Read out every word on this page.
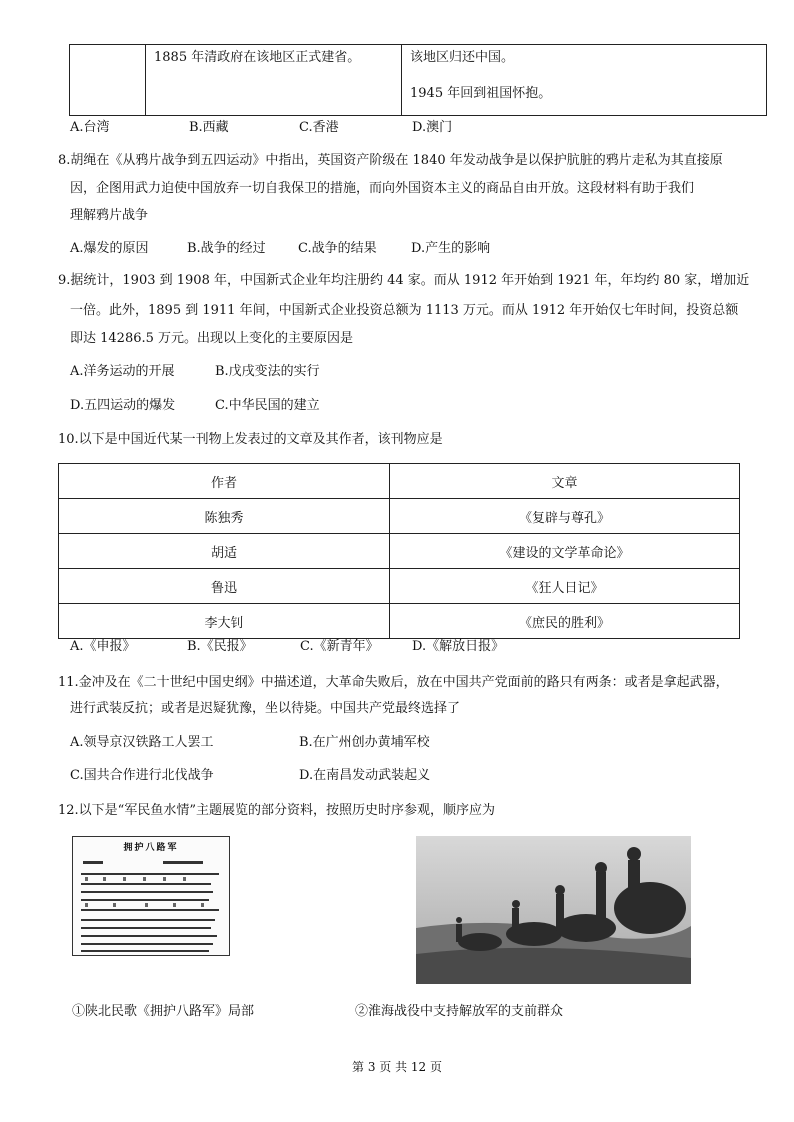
	1885 年清政府在该地区正式建省。	该地区归还中国。
1945 年回到祖国怀抱。
A.台湾	B.西藏	C.香港	D.澳门
8.胡绳在《从鸦片战争到五四运动》中指出，英国资产阶级在 1840 年发动战争是以保护肮脏的鸦片走私为其直接原
因，企图用武力迫使中国放弃一切自我保卫的措施，而向外国资本主义的商品自由开放。这段材料有助于我们
理解鸦片战争
A.爆发的原因	B.战争的经过 C.战争的结果	D.产生的影响
9.据统计，1903 到 1908 年，中国新式企业年均注册约 44 家。而从 1912 年开始到 1921 年，年均约 80 家，增加近
一倍。此外，1895 到 1911 年间，中国新式企业投资总额为 1113 万元。而从 1912 年开始仅七年时间，投资总额
即达 14286.5 万元。出现以上变化的主要原因是
A.洋务运动的开展	B.戊戌变法的实行
D.五四运动的爆发	C.中华民国的建立
10.以下是中国近代某一刊物上发表过的文章及其作者，该刊物应是
作者	文章
陈独秀	《复辟与尊孔》
胡适	《建设的文学革命论》
鲁迅	《狂人日记》
李大钊	《庶民的胜利》
A.《申报》	B.《民报》	C.《新青年》	D.《解放日报》
11.金冲及在《二十世纪中国史纲》中描述道，大革命失败后，放在中国共产党面前的路只有两条：或者是拿起武器，
进行武装反抗；或者是迟疑犹豫，坐以待毙。中国共产党最终选择了
A.领导京汉铁路工人罢工	B.在广州创办黄埔军校
C.国共合作进行北伐战争	D.在南昌发动武装起义
12.以下是“军民鱼水情”主题展览的部分资料，按照历史时序参观，顺序应为
拥护八路军
①陕北民歌《拥护八路军》局部	②淮海战役中支持解放军的支前群众
第 3 页 共 12 页
